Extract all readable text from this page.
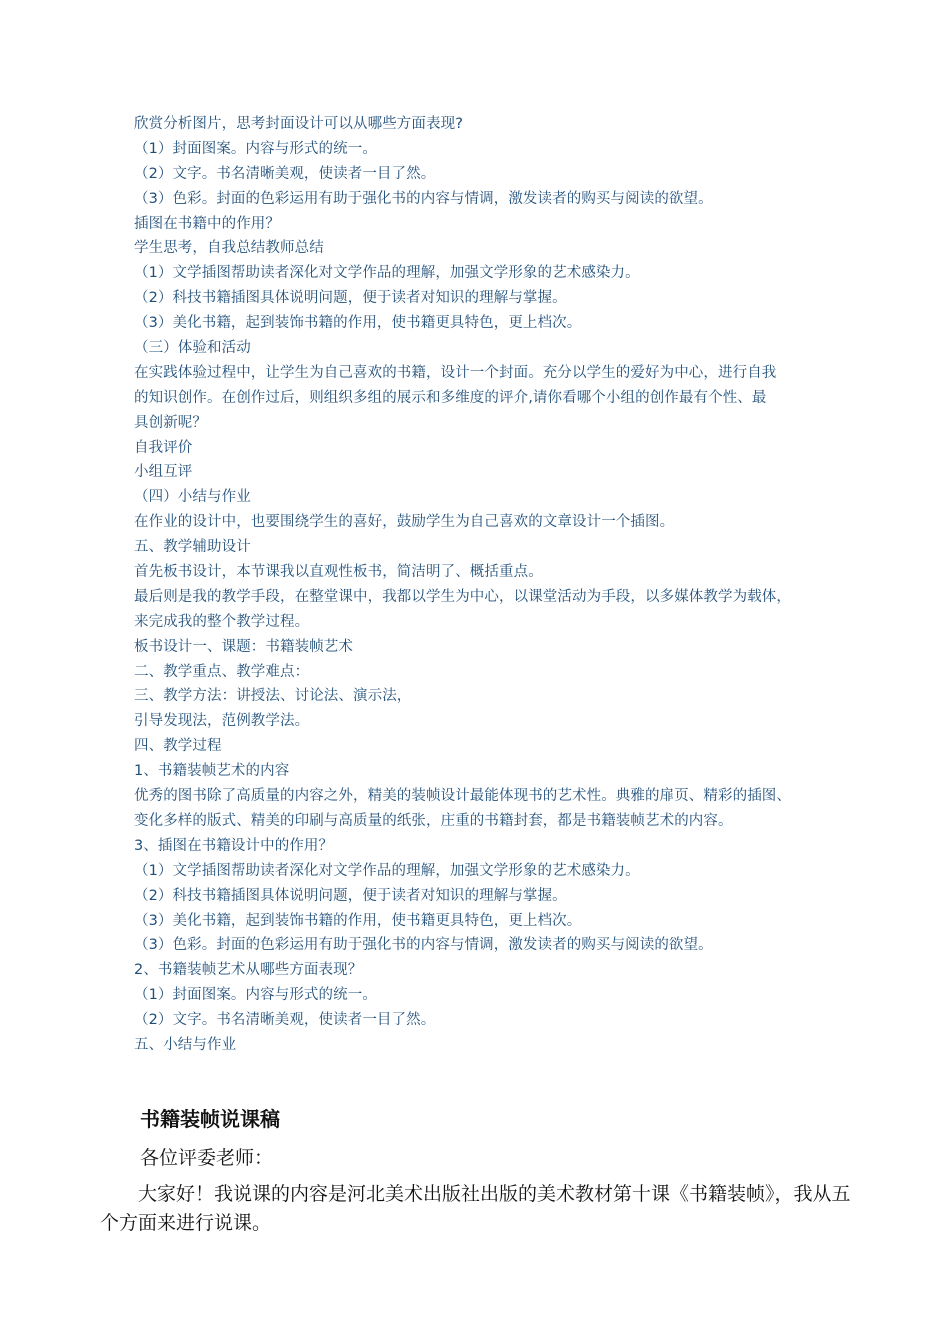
欣赏分析图片，思考封面设计可以从哪些方面表现?
（1）封面图案。内容与形式的统一。
（2）文字。书名清晰美观，使读者一目了然。
（3）色彩。封面的色彩运用有助于强化书的内容与情调，激发读者的购买与阅读的欲望。
插图在书籍中的作用？
学生思考，自我总结教师总结
（1）文学插图帮助读者深化对文学作品的理解，加强文学形象的艺术感染力。
（2）科技书籍插图具体说明问题，便于读者对知识的理解与掌握。
（3）美化书籍，起到装饰书籍的作用，使书籍更具特色，更上档次。
（三）体验和活动
在实践体验过程中，让学生为自己喜欢的书籍，设计一个封面。充分以学生的爱好为中心，进行自我
的知识创作。在创作过后，则组织多组的展示和多维度的评介,请你看哪个小组的创作最有个性、最
具创新呢？
自我评价
小组互评
（四）小结与作业
在作业的设计中，也要围绕学生的喜好，鼓励学生为自己喜欢的文章设计一个插图。
五、教学辅助设计
首先板书设计，本节课我以直观性板书，简洁明了、概括重点。
最后则是我的教学手段，在整堂课中，我都以学生为中心，以课堂活动为手段，以多媒体教学为载体，
来完成我的整个教学过程。
板书设计一、课题：书籍装帧艺术
二、教学重点、教学难点：
三、教学方法：讲授法、讨论法、演示法，
引导发现法，范例教学法。
四、教学过程
1、书籍装帧艺术的内容
优秀的图书除了高质量的内容之外，精美的装帧设计最能体现书的艺术性。典雅的扉页、精彩的插图、
变化多样的版式、精美的印刷与高质量的纸张，庄重的书籍封套，都是书籍装帧艺术的内容。
3、插图在书籍设计中的作用？
（1）文学插图帮助读者深化对文学作品的理解，加强文学形象的艺术感染力。
（2）科技书籍插图具体说明问题，便于读者对知识的理解与掌握。
（3）美化书籍，起到装饰书籍的作用，使书籍更具特色，更上档次。
（3）色彩。封面的色彩运用有助于强化书的内容与情调，激发读者的购买与阅读的欲望。
2、书籍装帧艺术从哪些方面表现？
（1）封面图案。内容与形式的统一。
（2）文字。书名清晰美观，使读者一目了然。
五、小结与作业
书籍装帧说课稿
各位评委老师：
大家好！我说课的内容是河北美术出版社出版的美术教材第十课《书籍装帧》，我从五个方面来进行说课。
